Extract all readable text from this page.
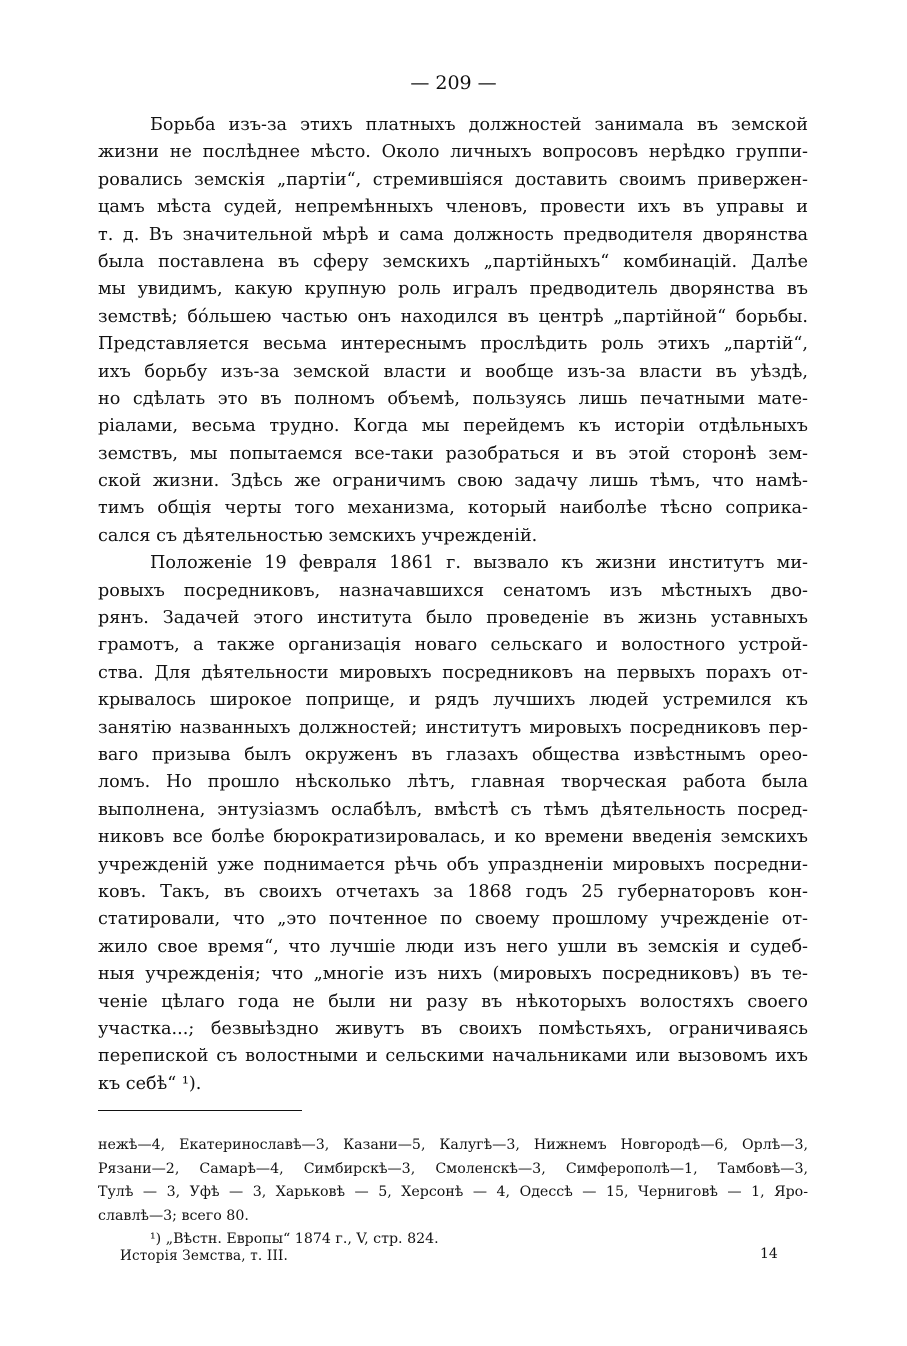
— 209 —
Борьба изъ-за этихъ платныхъ должностей занимала въ земской
жизни не послѣднее мѣсто. Около личныхъ вопросовъ нерѣдко группи-
ровались земскія „партіи“, стремившіяся доставить своимъ привержен-
цамъ мѣста судей, непремѣнныхъ членовъ, провести ихъ въ управы и
т. д. Въ значительной мѣрѣ и сама должность предводителя дворянства
была поставлена въ сферу земскихъ „партійныхъ“ комбинацій. Далѣе
мы увидимъ, какую крупную роль игралъ предводитель дворянства въ
земствѣ; бóльшею частью онъ находился въ центрѣ „партійной“ борьбы.
Представляется весьма интереснымъ прослѣдить роль этихъ „партій“,
ихъ борьбу изъ-за земской власти и вообще изъ-за власти въ уѣздѣ,
но сдѣлать это въ полномъ объемѣ, пользуясь лишь печатными мате-
ріалами, весьма трудно. Когда мы перейдемъ къ исторіи отдѣльныхъ
земствъ, мы попытаемся все-таки разобраться и въ этой сторонѣ зем-
ской жизни. Здѣсь же ограничимъ свою задачу лишь тѣмъ, что намѣ-
тимъ общія черты того механизма, который наиболѣе тѣсно соприка-
сался съ дѣятельностью земскихъ учрежденій.
Положеніе 19 февраля 1861 г. вызвало къ жизни институтъ ми-
ровыхъ посредниковъ, назначавшихся сенатомъ изъ мѣстныхъ дво-
рянъ. Задачей этого института было проведеніе въ жизнь уставныхъ
грамотъ, а также организація новаго сельскаго и волостного устрой-
ства. Для дѣятельности мировыхъ посредниковъ на первыхъ порахъ от-
крывалось широкое поприще, и рядъ лучшихъ людей устремился къ
занятію названныхъ должностей; институтъ мировыхъ посредниковъ пер-
ваго призыва былъ окруженъ въ глазахъ общества извѣстнымъ орео-
ломъ. Но прошло нѣсколько лѣтъ, главная творческая работа была
выполнена, энтузіазмъ ослабѣлъ, вмѣстѣ съ тѣмъ дѣятельность посред-
никовъ все болѣе бюрократизировалась, и ко времени введенія земскихъ
учрежденій уже поднимается рѣчь объ упраздненіи мировыхъ посредни-
ковъ. Такъ, въ своихъ отчетахъ за 1868 годъ 25 губернаторовъ кон-
статировали, что „это почтенное по своему прошлому учрежденіе от-
жило свое время“, что лучшіе люди изъ него ушли въ земскія и судеб-
ныя учрежденія; что „многіе изъ нихъ (мировыхъ посредниковъ) въ те-
ченіе цѣлаго года не были ни разу въ нѣкоторыхъ волостяхъ своего
участка...; безвыѣздно живутъ въ своихъ помѣстьяхъ, ограничиваясь
перепиской съ волостными и сельскими начальниками или вызовомъ ихъ
къ себѣ“ ¹).
нежѣ—4, Екатеринославѣ—3, Казани—5, Калугѣ—3, Нижнемъ Новгородѣ—6, Орлѣ—3,
Рязани—2, Самарѣ—4, Симбирскѣ—3, Смоленскѣ—3, Симферополѣ—1, Тамбовѣ—3,
Тулѣ — 3, Уфѣ — 3, Харьковѣ — 5, Херсонѣ — 4, Одессѣ — 15, Черниговѣ — 1, Яро-
славлѣ—3; всего 80.
¹) „Вѣстн. Европы“ 1874 г., V, стр. 824.
Исторія Земства, т. III.	14
